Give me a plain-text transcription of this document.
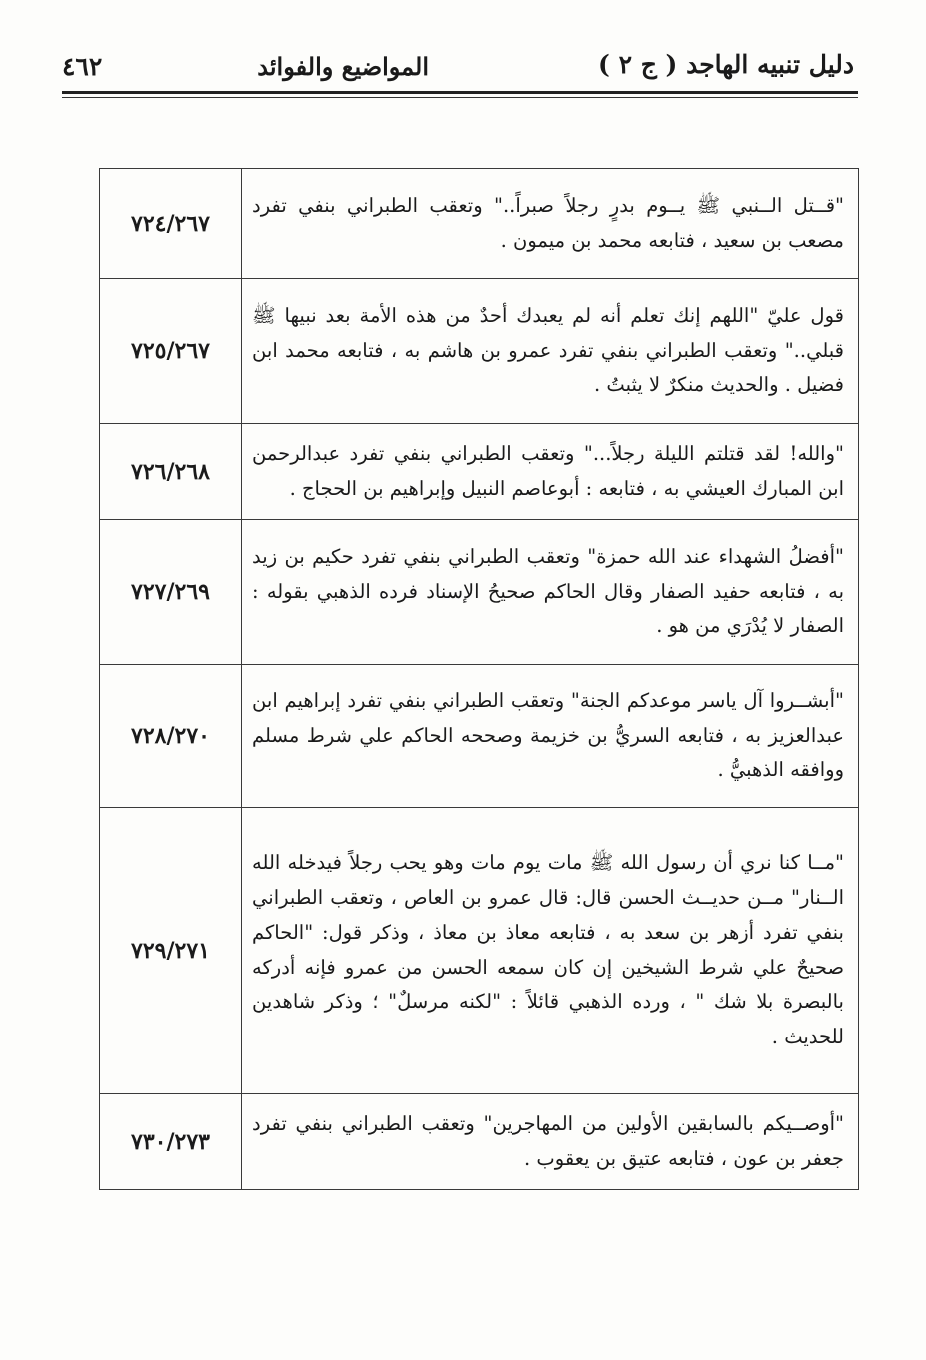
دليل تنبيه الهاجد ( ج ٢ )
المواضيع والفوائد
٤٦٢
"قــتل الــنبي ﷺ يــوم بدرٍ رجلاً صبراً.." وتعقب الطبراني بنفي تفرد مصعب بن سعيد ، فتابعه محمد بن ميمون .	٧٢٤/٢٦٧
قول عليّ "اللهم إنك تعلم أنه لم يعبدك أحدٌ من هذه الأمة بعد نبيها ﷺ قبلي.." وتعقب الطبراني بنفي تفرد عمرو بن هاشم به ، فتابعه محمد ابن فضيل . والحديث منكرٌ لا يثبتُ .	٧٢٥/٢٦٧
"والله! لقد قتلتم الليلة رجلاً..." وتعقب الطبراني بنفي تفرد عبدالرحمن ابن المبارك العيشي به ، فتابعه : أبوعاصم النبيل وإبراهيم بن الحجاج .	٧٢٦/٢٦٨
"أفضلُ الشهداء عند الله حمزة" وتعقب الطبراني بنفي تفرد حكيم بن زيد به ، فتابعه حفيد الصفار وقال الحاكم صحيحُ الإسناد فرده الذهبي بقوله : الصفار لا يُدْرَي من هو .	٧٢٧/٢٦٩
"أبشــروا آل ياسر موعدكم الجنة" وتعقب الطبراني بنفي تفرد إبراهيم ابن عبدالعزيز به ، فتابعه السريُّ بن خزيمة وصححه الحاكم علي شرط مسلم ووافقه الذهبيُّ .	٧٢٨/٢٧٠
"مــا كنا نري أن رسول الله ﷺ مات يوم مات وهو يحب رجلاً فيدخله الله الــنار" مــن حديــث الحسن قال: قال عمرو بن العاص ، وتعقب الطبراني بنفي تفرد أزهر بن سعد به ، فتابعه معاذ بن معاذ ، وذكر قول: "الحاكم صحيحٌ علي شرط الشيخين إن كان سمعه الحسن من عمرو فإنه أدركه بالبصرة بلا شك " ، ورده الذهبي قائلاً : "لكنه مرسلٌ" ؛ وذكر شاهدين للحديث .	٧٢٩/٢٧١
"أوصــيكم بالسابقين الأولين من المهاجرين" وتعقب الطبراني بنفي تفرد جعفر بن عون ، فتابعه عتيق بن يعقوب .	٧٣٠/٢٧٣
